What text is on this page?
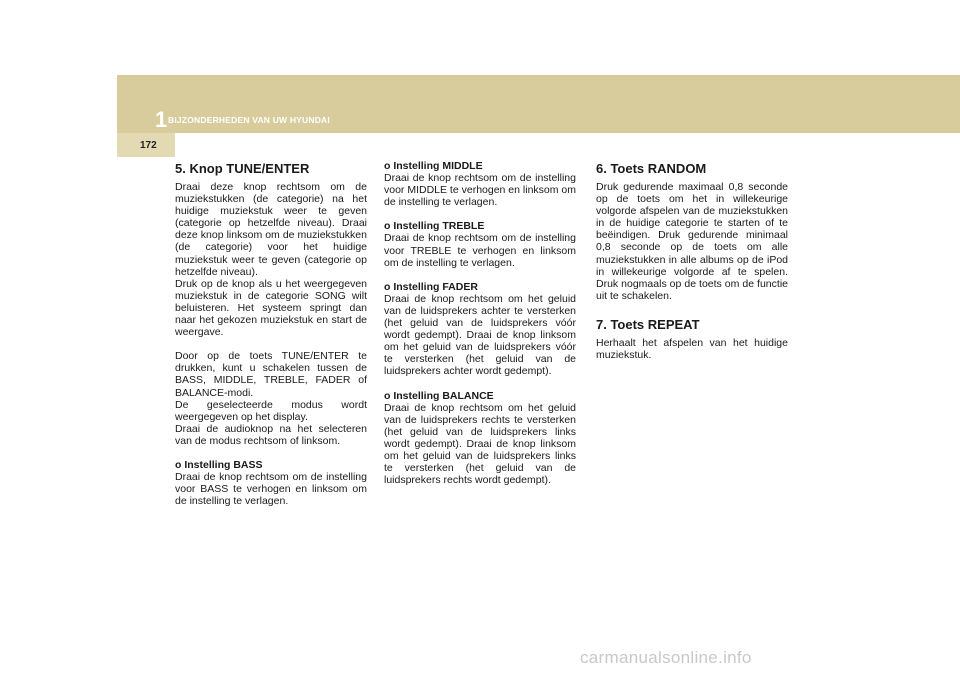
1 BIJZONDERHEDEN VAN UW HYUNDAI
172
5. Knop TUNE/ENTER

Draai deze knop rechtsom om de muziekstukken (de categorie) na het huidige muziekstuk weer te geven (categorie op hetzelfde niveau). Draai deze knop linksom om de muziekstukken (de categorie) voor het huidige muziekstuk weer te geven (categorie op hetzelfde niveau).

Druk op de knop als u het weergegeven muziekstuk in de categorie SONG wilt beluisteren. Het systeem springt dan naar het gekozen muziekstuk en start de weergave.

Door op de toets TUNE/ENTER te drukken, kunt u schakelen tussen de BASS, MIDDLE, TREBLE, FADER of BALANCE-modi.

De geselecteerde modus wordt weergegeven op het display.

Draai de audioknop na het selecteren van de modus rechtsom of linksom.

o Instelling BASS

Draai de knop rechtsom om de instelling voor BASS te verhogen en linksom om de instelling te verlagen.

o Instelling MIDDLE

Draai de knop rechtsom om de instelling voor MIDDLE te verhogen en linksom om de instelling te verlagen.

o Instelling TREBLE

Draai de knop rechtsom om de instelling voor TREBLE te verhogen en linksom om de instelling te verlagen.

o Instelling FADER

Draai de knop rechtsom om het geluid van de luidsprekers achter te versterken (het geluid van de luidsprekers vóór wordt gedempt). Draai de knop linksom om het geluid van de luidsprekers vóór te versterken (het geluid van de luidsprekers achter wordt gedempt).

o Instelling BALANCE

Draai de knop rechtsom om het geluid van de luidsprekers rechts te versterken (het geluid van de luidsprekers links wordt gedempt). Draai de knop linksom om het geluid van de luidsprekers links te versterken (het geluid van de luidsprekers rechts wordt gedempt).

6. Toets RANDOM

Druk gedurende maximaal 0,8 seconde op de toets om het in willekeurige volgorde afspelen van de muziekstukken in de huidige categorie te starten of te beëindigen. Druk gedurende minimaal 0,8 seconde op de toets om alle muziekstukken in alle albums op de iPod in willekeurige volgorde af te spelen. Druk nogmaals op de toets om de functie uit te schakelen.

7. Toets REPEAT

Herhaalt het afspelen van het huidige muziekstuk.

carmanualsonline.info
